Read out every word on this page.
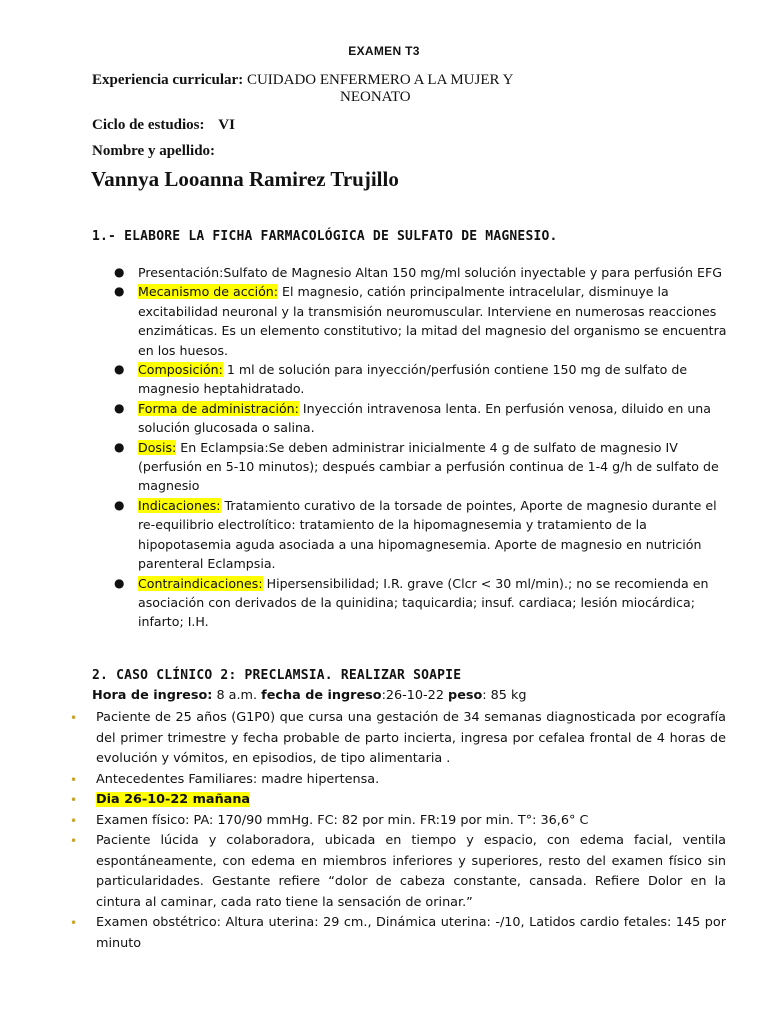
EXAMEN T3
Experiencia curricular: CUIDADO ENFERMERO A LA MUJER Y
NEONATO
Ciclo de estudios: VI
Nombre y apellido:
Vannya Looanna Ramirez Trujillo
1.- ELABORE LA FICHA FARMACOLÓGICA DE SULFATO DE MAGNESIO.
● Presentación:Sulfato de Magnesio Altan 150 mg/ml solución inyectable y para perfusión EFG
● Mecanismo de acción: El magnesio, catión principalmente intracelular, disminuye la excitabilidad neuronal y la transmisión neuromuscular. Interviene en numerosas reacciones enzimáticas. Es un elemento constitutivo; la mitad del magnesio del organismo se encuentra en los huesos.
● Composición: 1 ml de solución para inyección/perfusión contiene 150 mg de sulfato de magnesio heptahidratado.
● Forma de administración: Inyección intravenosa lenta. En perfusión venosa, diluido en una solución glucosada o salina.
● Dosis: En Eclampsia:Se deben administrar inicialmente 4 g de sulfato de magnesio IV (perfusión en 5-10 minutos); después cambiar a perfusión continua de 1-4 g/h de sulfato de magnesio
● Indicaciones: Tratamiento curativo de la torsade de pointes, Aporte de magnesio durante el re-equilibrio electrolítico: tratamiento de la hipomagnesemia y tratamiento de la hipopotasemia aguda asociada a una hipomagnesemia. Aporte de magnesio en nutrición parenteral Eclampsia.
● Contraindicaciones: Hipersensibilidad; I.R. grave (Clcr < 30 ml/min).; no se recomienda en asociación con derivados de la quinidina; taquicardia; insuf. cardiaca; lesión miocárdica; infarto; I.H.
2. CASO CLÍNICO 2: PRECLAMSIA. REALIZAR SOAPIE
Hora de ingreso: 8 a.m. fecha de ingreso:26-10-22 peso: 85 kg
• Paciente de 25 años (G1P0) que cursa una gestación de 34 semanas diagnosticada por ecografía del primer trimestre y fecha probable de parto incierta, ingresa por cefalea frontal de 4 horas de evolución y vómitos, en episodios, de tipo alimentaria .
• Antecedentes Familiares: madre hipertensa.
• Dia 26-10-22 mañana
• Examen físico: PA: 170/90 mmHg. FC: 82 por min. FR:19 por min. T°: 36,6° C
• Paciente lúcida y colaboradora, ubicada en tiempo y espacio, con edema facial, ventila espontáneamente, con edema en miembros inferiores y superiores, resto del examen físico sin particularidades. Gestante refiere “dolor de cabeza constante, cansada. Refiere Dolor en la cintura al caminar, cada rato tiene la sensación de orinar.”
• Examen obstétrico: Altura uterina: 29 cm., Dinámica uterina: -/10, Latidos cardio fetales: 145 por minuto
